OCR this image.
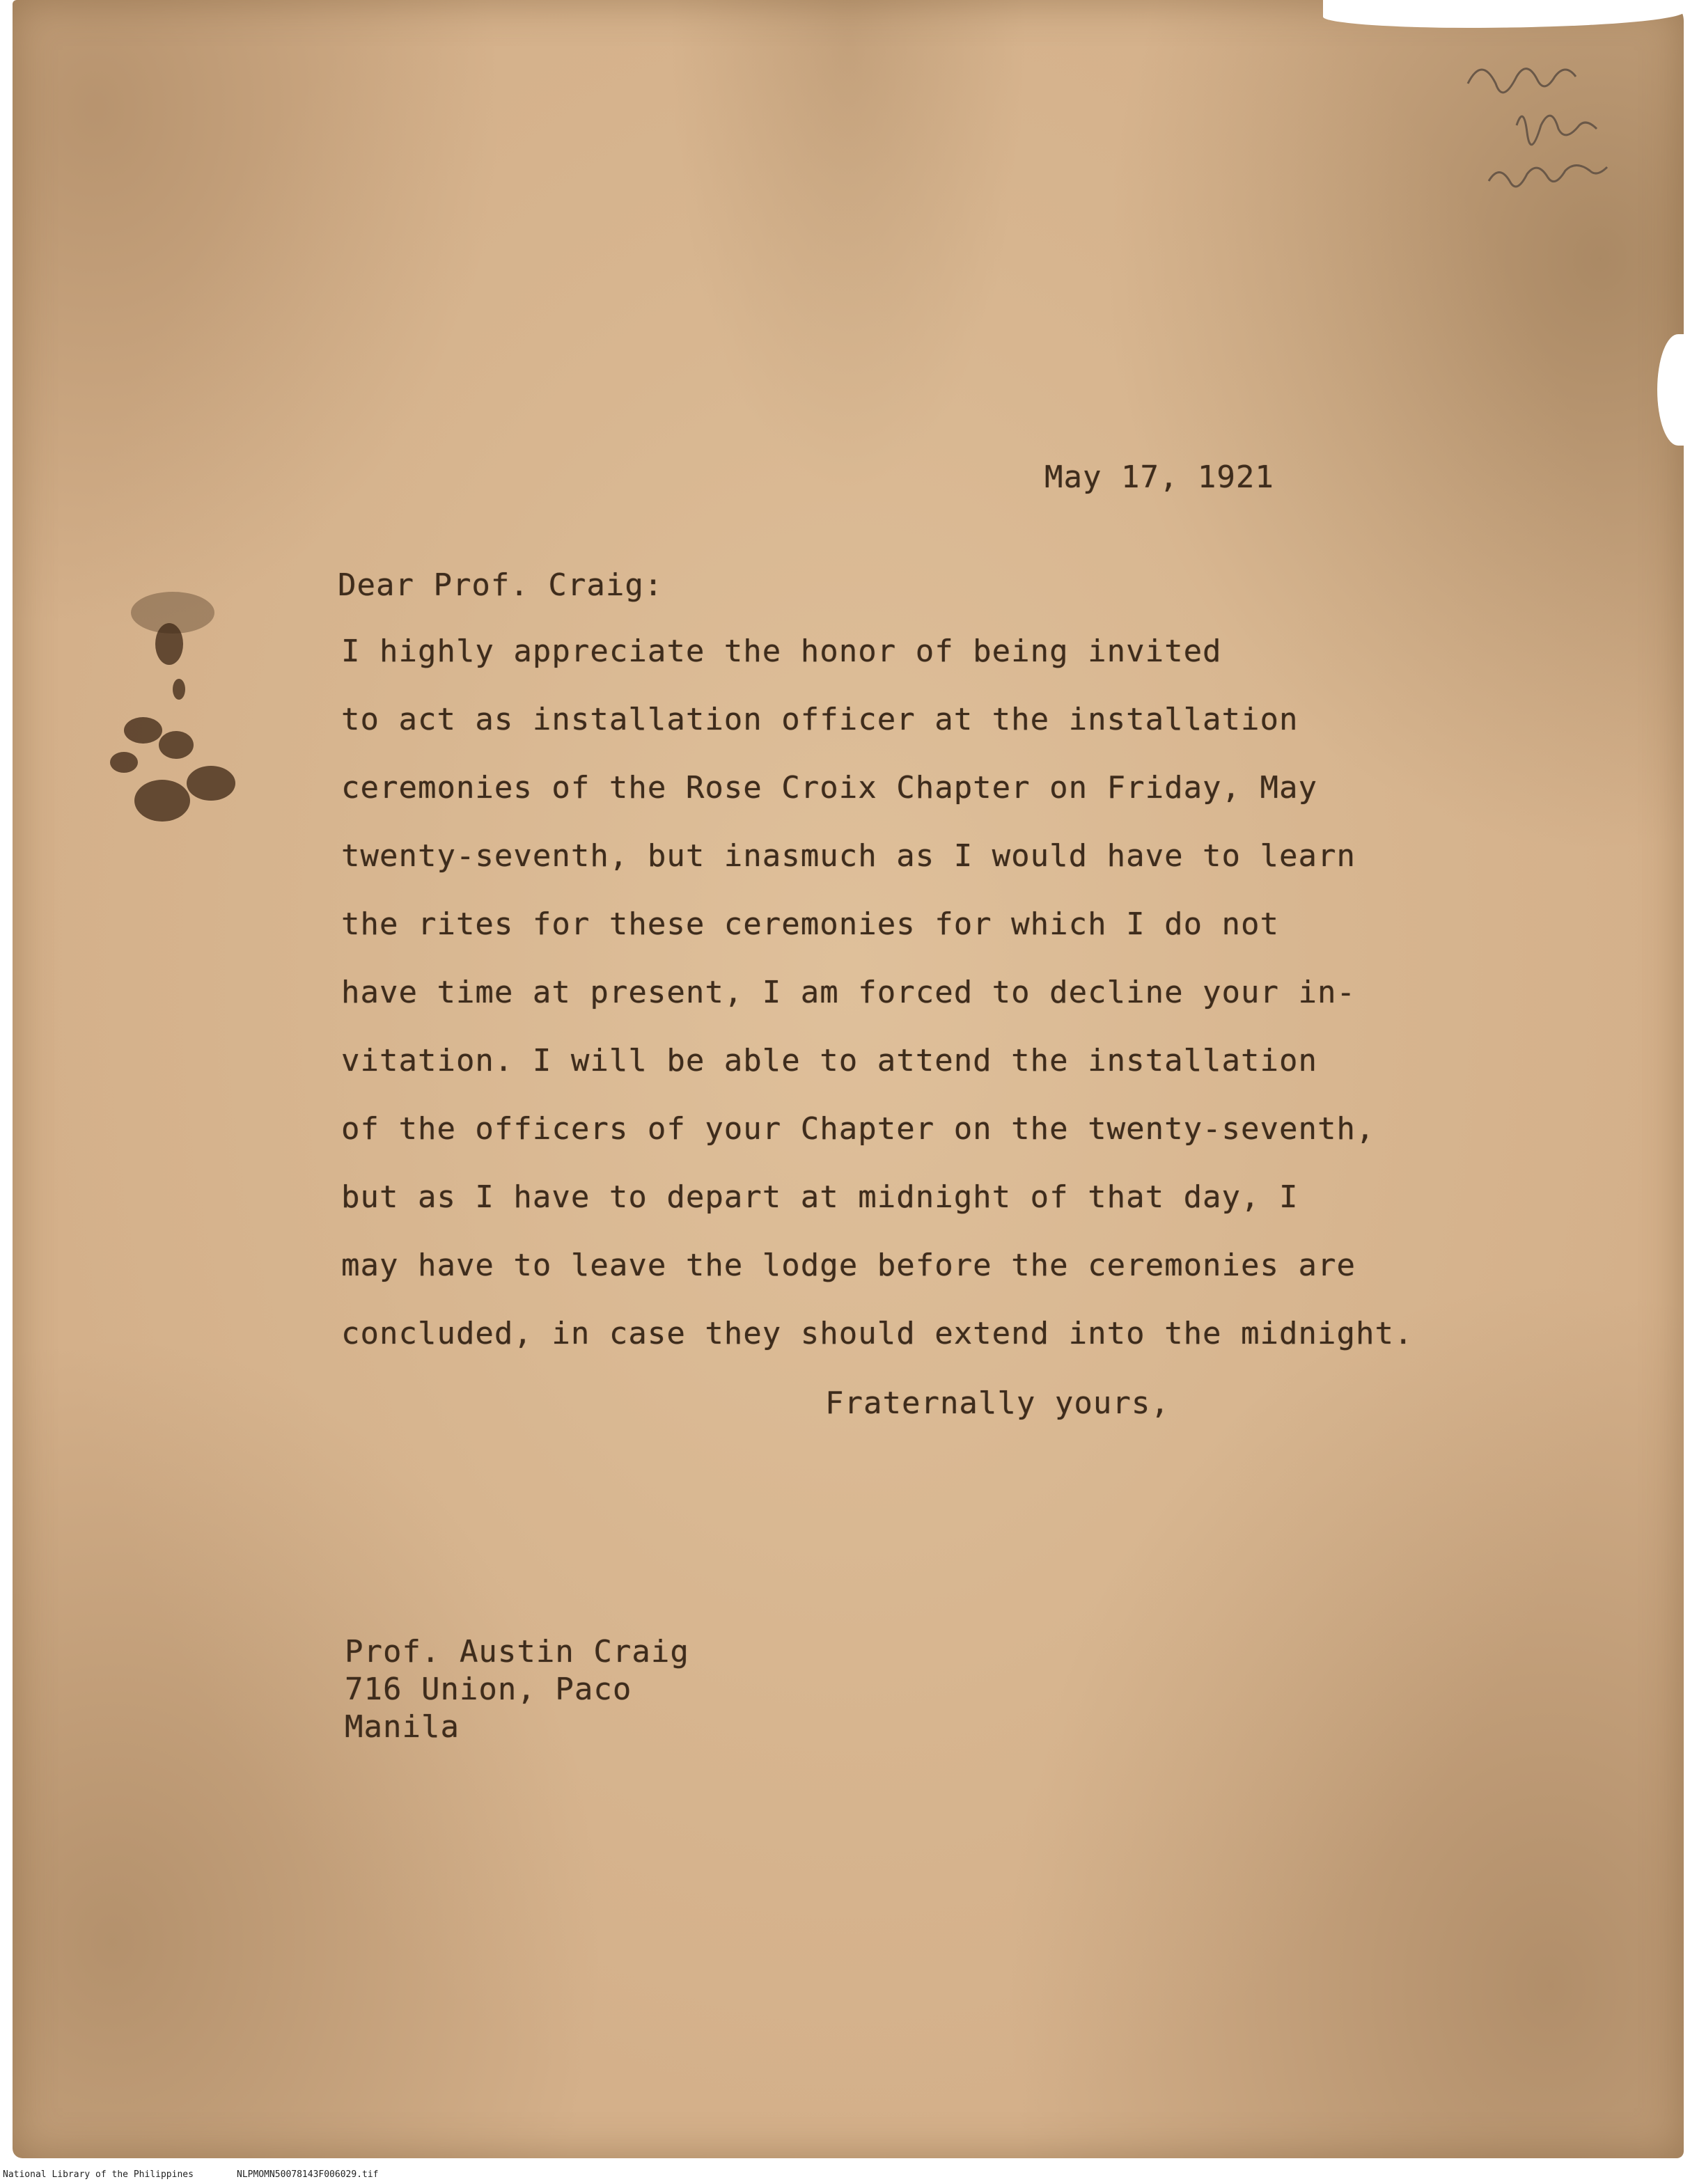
May 17, 1921
Dear Prof. Craig:
I highly appreciate the honor of being invited
to act as installation officer at the installation
ceremonies of the Rose Croix Chapter on Friday, May
twenty-seventh, but inasmuch as I would have to learn
the rites for these ceremonies for which I do not
have time at present, I am forced to decline your in-
vitation. I will be able to attend the installation
of the officers of your Chapter on the twenty-seventh,
but as I have to depart at midnight of that day, I
may have to leave the lodge before the ceremonies are
concluded, in case they should extend into the midnight.
Fraternally yours,
Prof. Austin Craig
716 Union, Paco
Manila
National Library of the Philippines	NLPMOMN50078143F006029.tif
